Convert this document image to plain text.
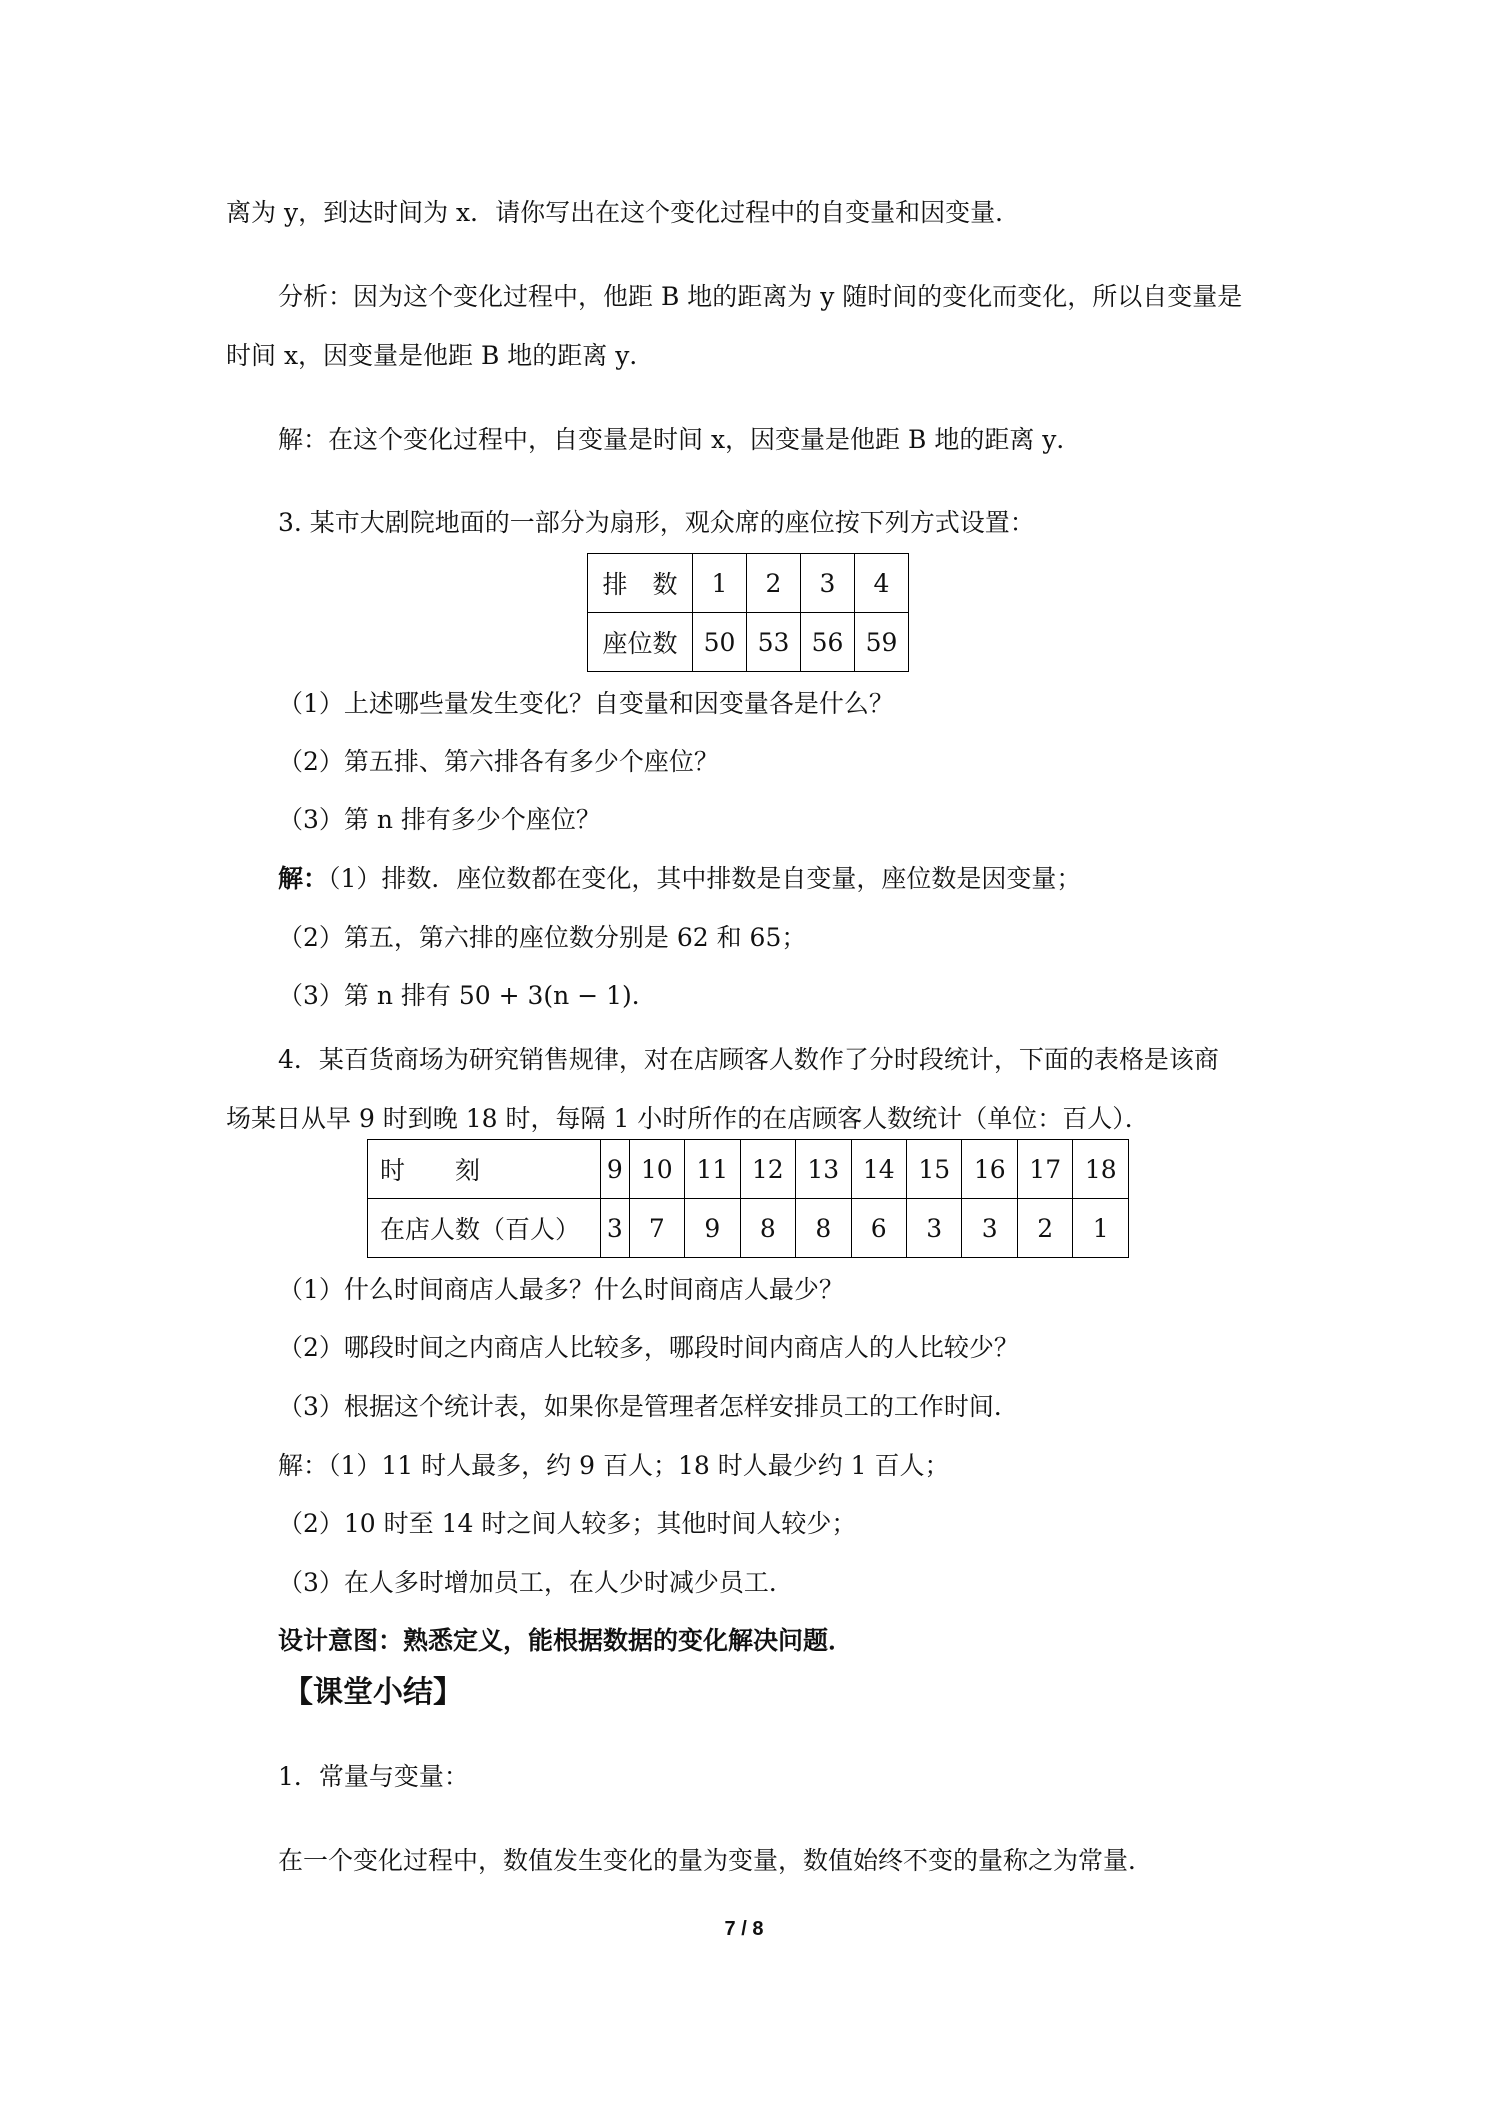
离为 y，到达时间为 x．请你写出在这个变化过程中的自变量和因变量．
分析：因为这个变化过程中，他距 B 地的距离为 y 随时间的变化而变化，所以自变量是
时间 x，因变量是他距 B 地的距离 y．
解：在这个变化过程中，自变量是时间 x，因变量是他距 B 地的距离 y．
3. 某市大剧院地面的一部分为扇形，观众席的座位按下列方式设置：
排　数	1	2	3	4
座位数	50	53	56	59
（1）上述哪些量发生变化？自变量和因变量各是什么？
（2）第五排、第六排各有多少个座位？
（3）第 n 排有多少个座位？
解：（1）排数．座位数都在变化，其中排数是自变量，座位数是因变量；
（2）第五，第六排的座位数分别是 62 和 65；
（3）第 n 排有 50 + 3(n − 1)．
4．某百货商场为研究销售规律，对在店顾客人数作了分时段统计，下面的表格是该商
场某日从早 9 时到晚 18 时，每隔 1 小时所作的在店顾客人数统计（单位：百人）．
时　　刻	9	10	11	12	13	14	15	16	17	18
在店人数（百人）	3	7	9	8	8	6	3	3	2	1
（1）什么时间商店人最多？什么时间商店人最少？
（2）哪段时间之内商店人比较多，哪段时间内商店人的人比较少？
（3）根据这个统计表，如果你是管理者怎样安排员工的工作时间．
解：（1）11 时人最多，约 9 百人；18 时人最少约 1 百人；
（2）10 时至 14 时之间人较多；其他时间人较少；
（3）在人多时增加员工，在人少时减少员工．
设计意图：熟悉定义，能根据数据的变化解决问题．
【课堂小结】
1．常量与变量：
在一个变化过程中，数值发生变化的量为变量，数值始终不变的量称之为常量．
7 / 8
